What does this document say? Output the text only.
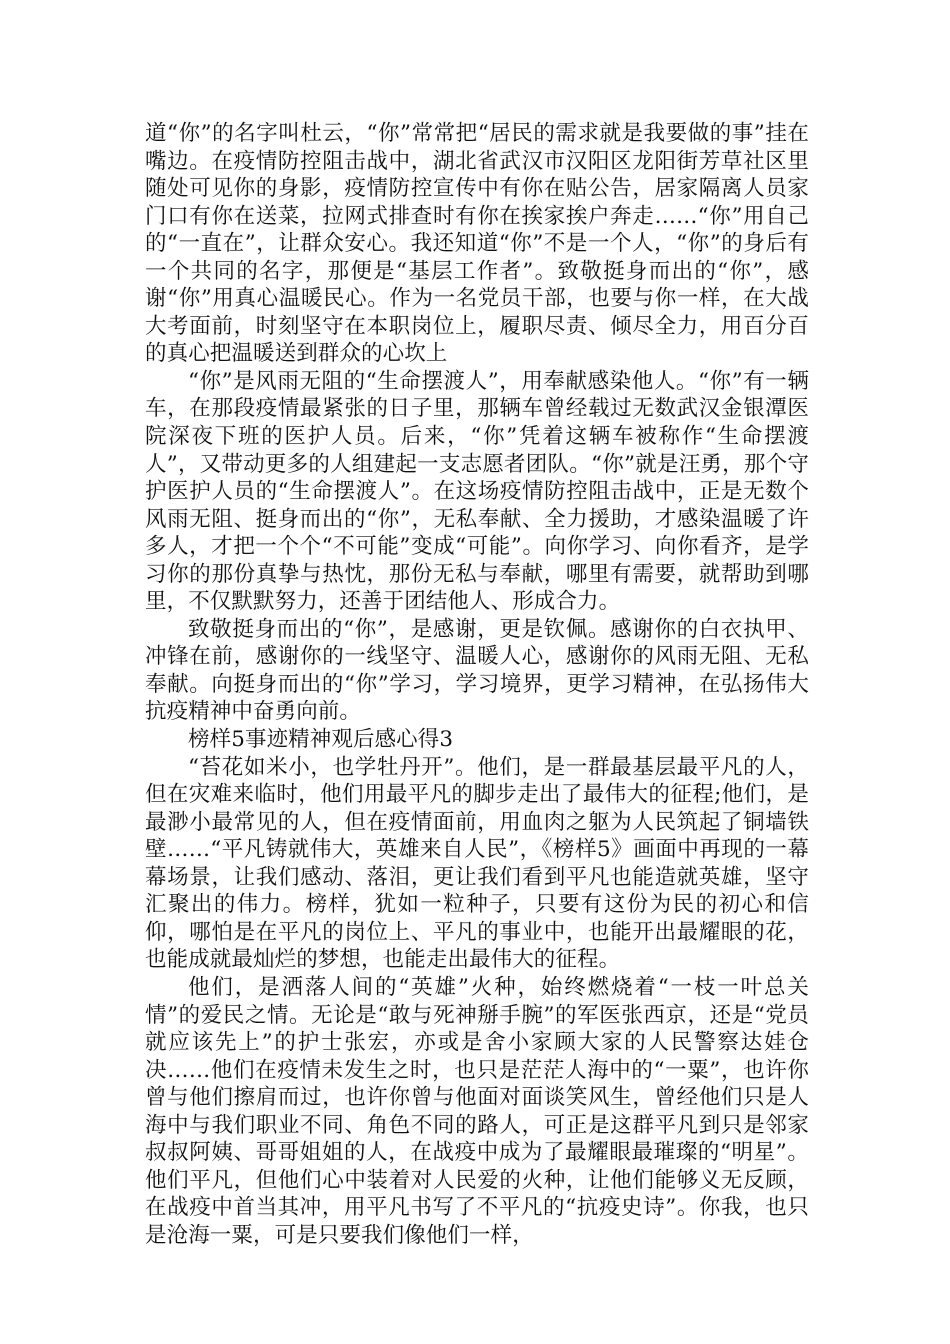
道“你”的名字叫杜云，“你”常常把“居民的需求就是我要做的事”挂在嘴边。在疫情防控阻击战中，湖北省武汉市汉阳区龙阳街芳草社区里随处可见你的身影，疫情防控宣传中有你在贴公告，居家隔离人员家门口有你在送菜，拉网式排查时有你在挨家挨户奔走……“你”用自己的“一直在”，让群众安心。我还知道“你”不是一个人，“你”的身后有一个共同的名字，那便是“基层工作者”。致敬挺身而出的“你”，感谢“你”用真心温暖民心。作为一名党员干部，也要与你一样，在大战大考面前，时刻坚守在本职岗位上，履职尽责、倾尽全力，用百分百的真心把温暖送到群众的心坎上

“你”是风雨无阻的“生命摆渡人”，用奉献感染他人。“你”有一辆车，在那段疫情最紧张的日子里，那辆车曾经载过无数武汉金银潭医院深夜下班的医护人员。后来，“你”凭着这辆车被称作“生命摆渡人”，又带动更多的人组建起一支志愿者团队。“你”就是汪勇，那个守护医护人员的“生命摆渡人”。在这场疫情防控阻击战中，正是无数个风雨无阻、挺身而出的“你”，无私奉献、全力援助，才感染温暖了许多人，才把一个个“不可能”变成“可能”。向你学习、向你看齐，是学习你的那份真挚与热忱，那份无私与奉献，哪里有需要，就帮助到哪里，不仅默默努力，还善于团结他人、形成合力。

致敬挺身而出的“你”，是感谢，更是钦佩。感谢你的白衣执甲、冲锋在前，感谢你的一线坚守、温暖人心，感谢你的风雨无阻、无私奉献。向挺身而出的“你”学习，学习境界，更学习精神，在弘扬伟大抗疫精神中奋勇向前。

榜样5事迹精神观后感心得3

“苔花如米小，也学牡丹开”。他们，是一群最基层最平凡的人，但在灾难来临时，他们用最平凡的脚步走出了最伟大的征程;他们，是最渺小最常见的人，但在疫情面前，用血肉之躯为人民筑起了铜墙铁壁……“平凡铸就伟大，英雄来自人民”，《榜样5》画面中再现的一幕幕场景，让我们感动、落泪，更让我们看到平凡也能造就英雄，坚守汇聚出的伟力。榜样，犹如一粒种子，只要有这份为民的初心和信仰，哪怕是在平凡的岗位上、平凡的事业中，也能开出最耀眼的花，也能成就最灿烂的梦想，也能走出最伟大的征程。

他们，是洒落人间的“英雄”火种，始终燃烧着“一枝一叶总关情”的爱民之情。无论是“敢与死神掰手腕”的军医张西京，还是“党员就应该先上”的护士张宏，亦或是舍小家顾大家的人民警察达娃仓决……他们在疫情未发生之时，也只是茫茫人海中的“一粟”，也许你曾与他们擦肩而过，也许你曾与他面对面谈笑风生，曾经他们只是人海中与我们职业不同、角色不同的路人，可正是这群平凡到只是邻家叔叔阿姨、哥哥姐姐的人，在战疫中成为了最耀眼最璀璨的“明星”。他们平凡，但他们心中装着对人民爱的火种，让他们能够义无反顾，在战疫中首当其冲，用平凡书写了不平凡的“抗疫史诗”。你我，也只是沧海一粟，可是只要我们像他们一样，
